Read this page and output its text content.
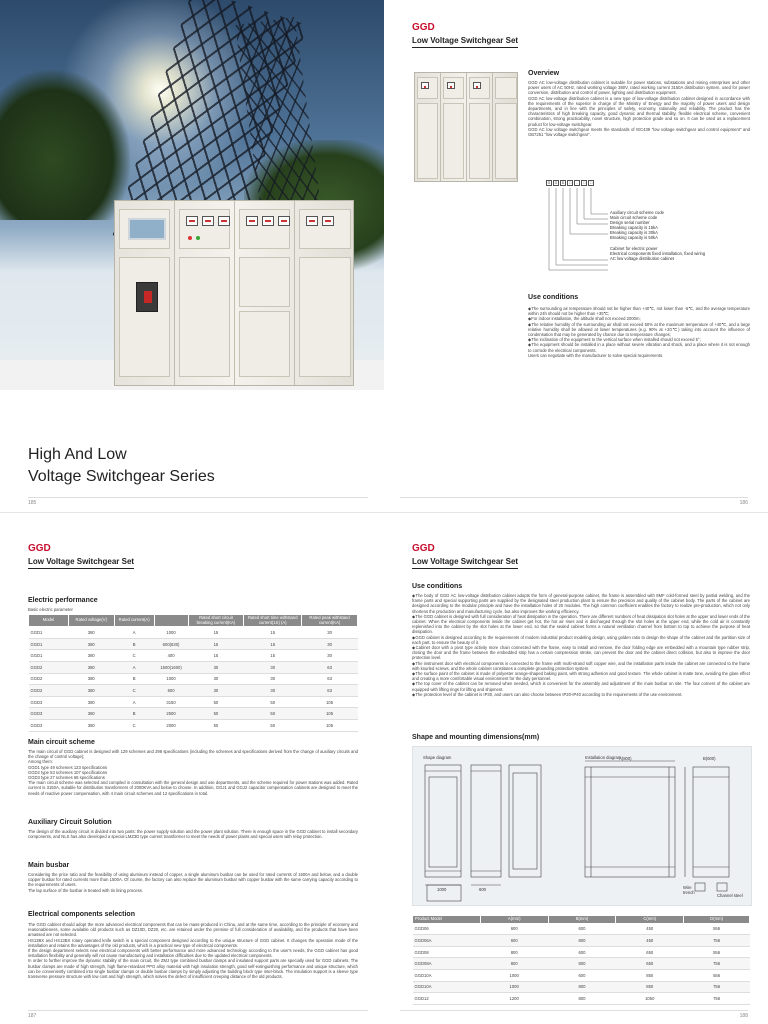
High And Low
Voltage Switchgear Series
185
GGD
Low Voltage Switchgear Set
Overview

GGD AC low-voltage distribution cabinet is suitable for power stations, substations and mining enterprises and other power users of AC 50Hz, rated working voltage 380V, rated working current 3150A distribution system, used for power conversion, distribution and control of power, lighting and distribution equipment.

GGD AC low-voltage distribution cabinet is a new type of low-voltage distribution cabinet designed in accordance with the requirements of the superior in charge of the Ministry of Energy and the majority of power users and design departments, and in line with the principles of safety, economy, rationality and reliability. The product has the characteristics of high breaking capacity, good dynamic and thermal stability, flexible electrical scheme, convenient combination, strong practicability, novel structure, high protection grade and so on. It can be used as a replacement product for low-voltage switchgear.

GGD AC low voltage switchgear meets the standards of IEC439 "low voltage switchgear and control equipment" and GB7251 "low voltage switchgear".

G	G	D	□	-	□	□
Auxiliary circuit scheme code
Main circuit scheme code
Design serial number
Breaking capacity is 15kA
Breaking capacity is 30kA
Breaking capacity is 50kA
Cabinet for electric power
Electrical components fixed installation, fixed wiring
AC low voltage distribution cabinet
Use conditions

◆The surrounding air temperature should not be higher than +40℃, not lower than -5℃, and the average temperature within 24h should not be higher than +35℃;

◆For indoor installation, the altitude shall not exceed 2000m;

◆The relative humidity of the surrounding air shall not exceed 50% at the maximum temperature of +40℃, and a large relative humidity shall be allowed at lower temperatures (e.g. 90% at +20℃) taking into account the influence of condensation that may be generated by chance due to temperature changes;

◆The inclination of the equipment to the vertical surface when installed should not exceed 5°;

◆The equipment should be installed in a place without severe vibration and shock, and a place where it is not enough to corrode the electrical components.

Users can negotiate with the manufacturer to solve special requirements.

186
GGD
Low Voltage Switchgear Set
Electric performance
Basic electric parameter
Model	Rated voltage(V)	Rated current(A)		Rated short circuit breaking current(KA)	Rated short time withstand current(1S) (A)	Rated peak withstand current(KA)
GGD1	380	A	1000	15	15	30
GGD1	380	B	600(630)	15	15	30
GGD1	380	C	400	15	15	30
GGD2	380	A	1500(1600)	30	30	63
GGD2	380	B	1000	30	30	63
GGD2	380	C	600	30	30	63
GGD3	380	A	3150	50	50	105
GGD3	380	B	2500	50	50	105
GGD3	380	C	2000	50	50	105
Main circuit scheme

The main circuit of GGD cabinet is designed with 129 schemes and 298 specifications (including the schemes and specifications derived from the change of auxiliary circuits and the change of control voltage);

Among them:

GGD1 type 49 schemes 123 specifications

GGD2 type 53 schemes 107 specifications

GGD3 type 27 schemes 68 specifications

The main circuit scheme was selected and compiled in consultation with the general design and use departments, and the scheme required for power stations was added. Rated current is 3150A, suitable for distribution transformers of 2000KVA and below to choose. In addition, GGJ1 and GGJ2 capacitor compensation cabinets are designed to meet the needs of reactive power compensation, with 4 main circuit schemes and 12 specifications in total.

Auxiliary Circuit Solution
The design of the auxiliary circuit is divided into two parts: the power supply solution and the power plant solution. There is enough space in the GGD cabinet to install secondary components, and NLS has also developed a special LMZ3D type current transformer to meet the needs of power plants and special users with relay protection.
Main busbar

Considering the price ratio and the feasibility of using aluminum instead of copper, a single aluminum busbar can be used for rated currents of 1500A and below, and a double copper busbar for rated currents more than 1500A. Of course, the factory can also replace the aluminum busbar with copper busbar with the same carrying capacity according to the requirements of users.

The lap surface of the busbar is treated with tin lining process.

Electrical components selection

The GGD cabinet should adopt the more advanced electrical components that can be mass-produced in China, and at the same time, according to the principle of economy and reasonableness, some available old products such as DZ10D, DZ20, etc. are retained under the premise of full consideration of availability, and the products that have been amassed are not selected.

HS13BX and HS13BX rotary operated knife switch is a special component designed according to the unique structure of GGD cabinet. It changes the operation mode of the installation and retains the advantages of the old products, which is a practical new type of electrical components.

If the design department selects new electrical components with better performance and more advanced technology according to the user's needs, the GGD cabinet has good installation flexibility and generally will not cause manufacturing and installation difficulties due to the updated electrical components.

In order to further improve the dynamic stability of the main circuit, the ZMJ type combined busbar clamps and insulated support parts are specially used for GGD cabinets. The busbar clamps are made of high strength, high flame-retardant PPO alloy material with high insulation strength, good self-extinguishing performance and unique structure, which can be conveniently combined into single busbar clamps or double busbar clamps by simply adjusting the building block type inter-block. The insulation support is a sleeve type transverse pressure structure with low cost and high strength, which solves the defect of insufficient creeping distance of the old products.

187
GGD
Low Voltage Switchgear Set
Use conditions

◆The body of GGD AC low-voltage distribution cabinet adopts the form of general-purpose cabinet, the frame is assembled with 8MF cold-formed steel by partial welding, and the frame parts and special supporting parts are supplied by the designated steel production plant to ensure the precision and quality of the cabinet body. The parts of the cabinet are designed according to the modular principle and have the installation holes of 20 modules. The high common coefficient enables the factory to realize pre-production, which not only shortens the production and manufacturing cycle, but also improves the working efficiency.

◆The GGD cabinet is designed with full consideration of heat dissipation in the operation. There are different numbers of heat dissipation slot holes at the upper and lower ends of the cabinet. When the electrical components inside the cabinet get hot, the hot air rises and is discharged through the slot holes at the upper end, while the cold air is constantly replenished into the cabinet by the slot holes at the lower end, so that the sealed cabinet forms a natural ventilation channel from bottom to top to achieve the purpose of heat dissipation.

◆GGD cabinet is designed according to the requirements of modern industrial product modeling design, using golden ratio to design the shape of the cabinet and the partition size of each part, to ensure the beauty of it.

◆Cabinet door with a pivot type activity more chain connected with the frame, easy to install and remove, the door folding edge are embedded with a mountain type rubber strip, closing the door and the frame between the embedded strip has a certain compression stroke, can prevent the door and the cabinet direct collision, but also to improve the door protection level.

◆The instrument door with electrical components is connected to the frame with multi-strand soft copper wire, and the installation parts inside the cabinet are connected to the frame with knurled screws, and the whole cabinet constitutes a complete grounding protection system.

◆The surface paint of the cabinet is made of polyester orange-shaped baking paint, with strong adhesion and good texture. The whole cabinet is matte tone, avoiding the glare effect and creating a more comfortable visual environment for the duty personnel.

◆The top cover of the cabinet can be removed when needed, which is convenient for the assembly and adjustment of the main busbar on site. The four corners of the cabinet are equipped with lifting rings for lifting and shipment.

◆The protection level of the cabinet is IP30, and users can also choose between IP20-IP40 according to the requirements of the use environment.

Shape and mounting dimensions(mm)
Shape diagram	Installation diagram
1000	600
A(800)	B(600)
Wire
trench
Channel steel
Product Model	A(mm)	B(mm)	C(mm)	D(mm)
GGD06	600	600	450	556
GGD06A	600	800	450	756
GGD08	800	600	650	556
GGD08A	800	800	650	756
GGD10A	1000	600	850	556
GGD10A	1000	800	850	756
GGD12	1200	800	1050	756
188
